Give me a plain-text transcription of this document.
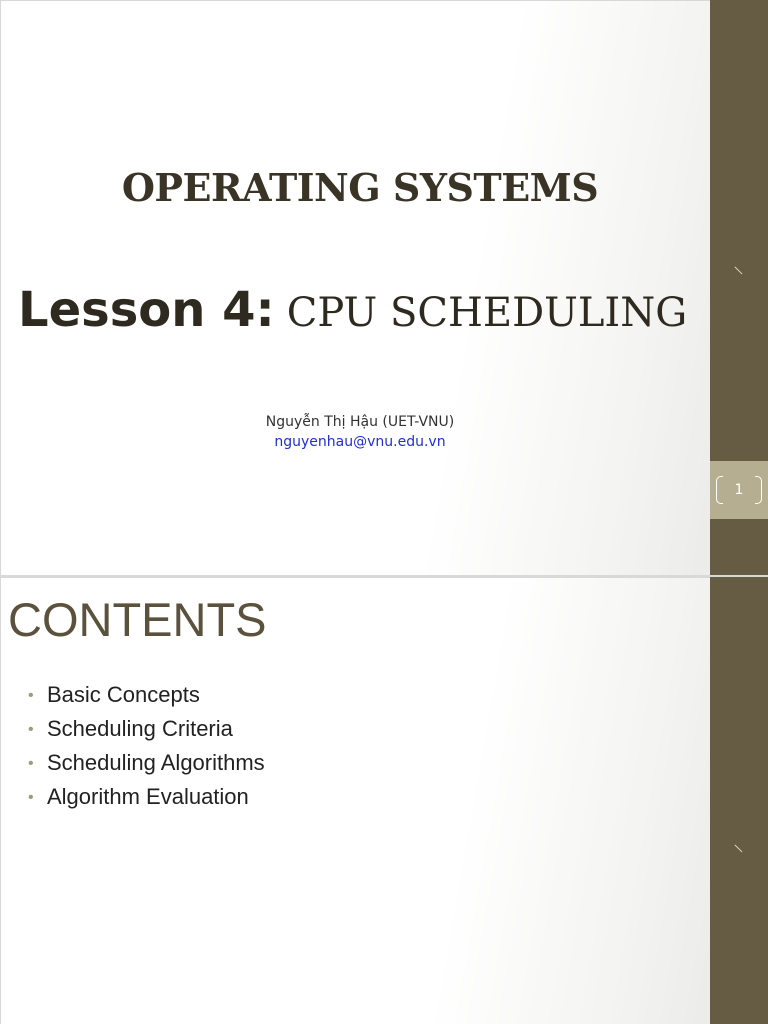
OPERATING SYSTEMS
Lesson 4: CPU SCHEDULING
Nguyễn Thị Hậu (UET-VNU)
nguyenhau@vnu.edu.vn
𝈺
1
𝈺
CONTENTS
• Basic Concepts
• Scheduling Criteria
• Scheduling Algorithms
• Algorithm Evaluation
